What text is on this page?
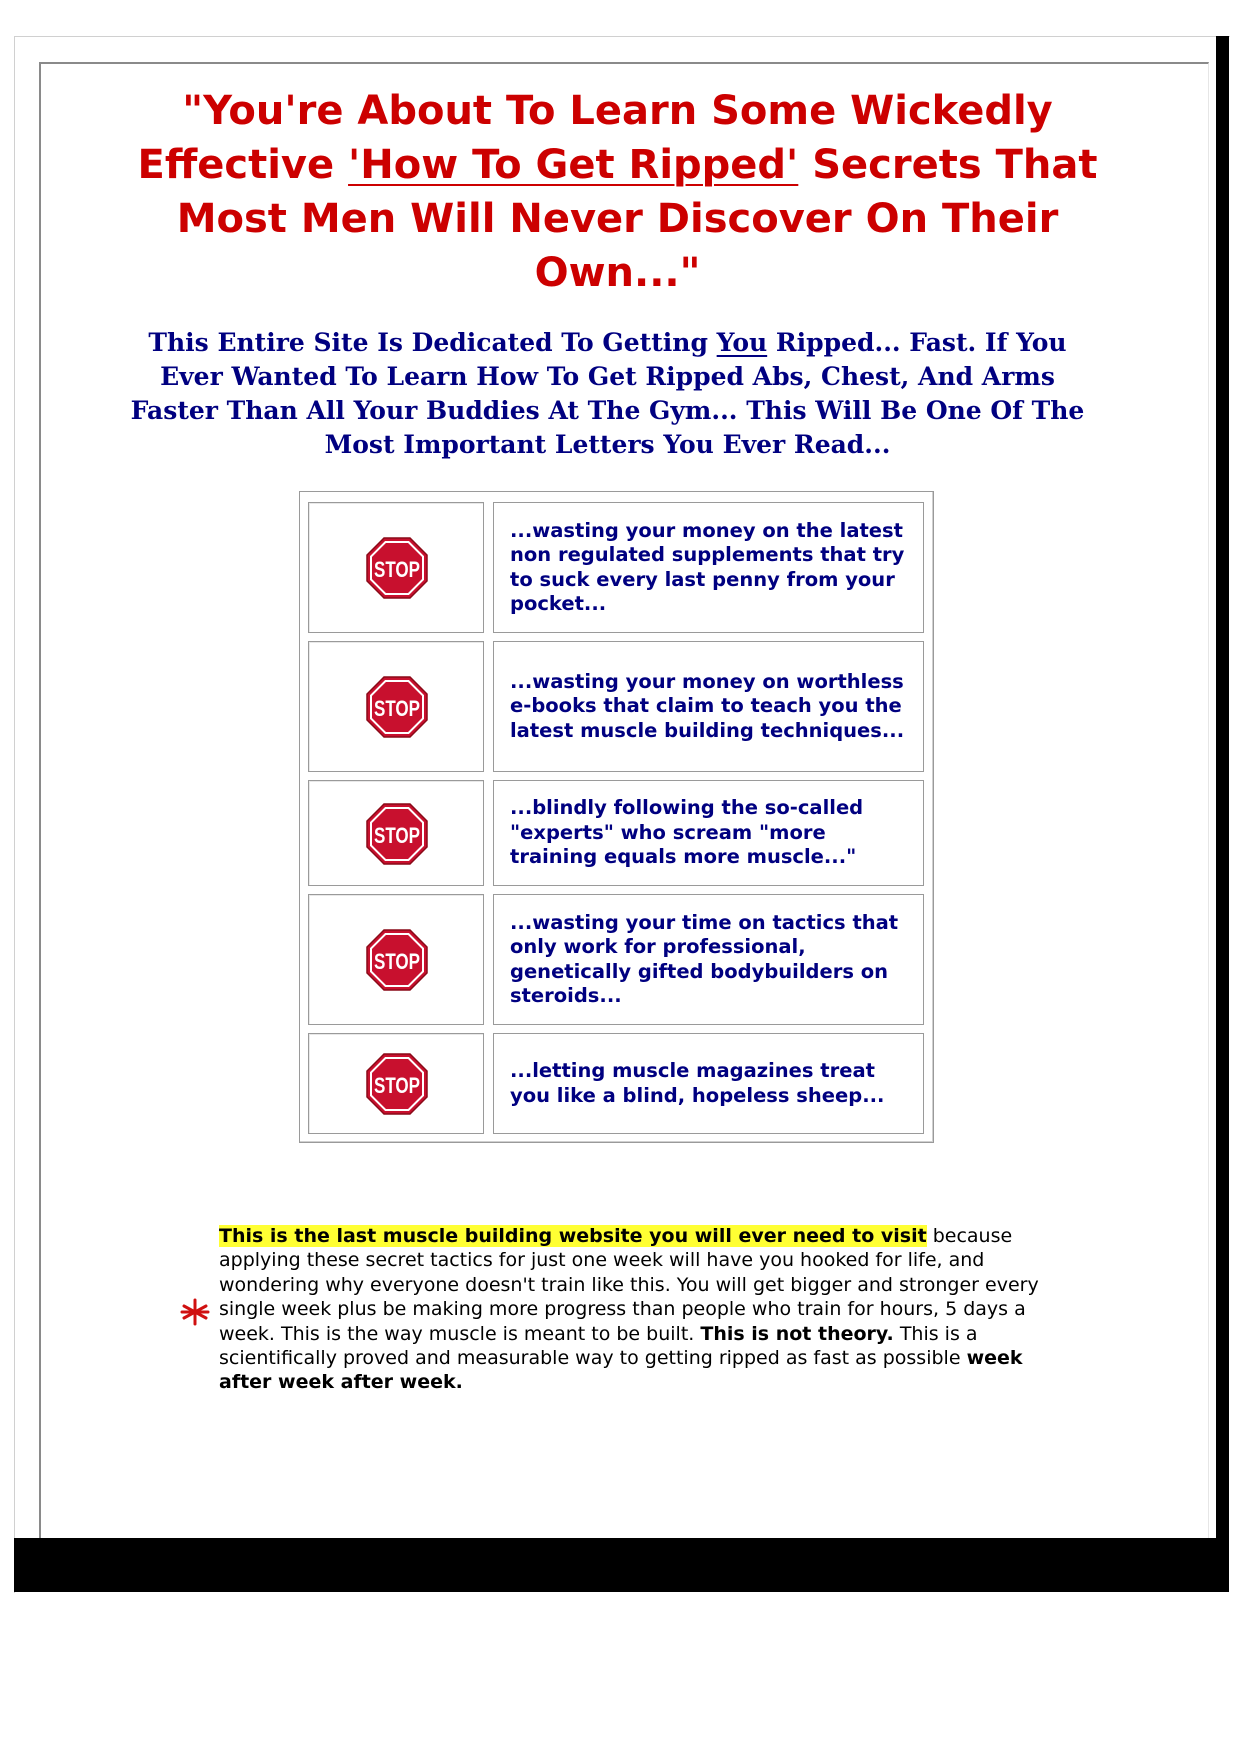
"You're About To Learn Some Wickedly Effective 'How To Get Ripped' Secrets That Most Men Will Never Discover On Their Own..."

This Entire Site Is Dedicated To Getting You Ripped... Fast. If You Ever Wanted To Learn How To Get Ripped Abs, Chest, And Arms Faster Than All Your Buddies At The Gym... This Will Be One Of The Most Important Letters You Ever Read...

STOP
...wasting your money on the latest non regulated supplements that try to suck every last penny from your pocket...
STOP
...wasting your money on worthless e-books that claim to teach you the latest muscle building techniques...
STOP
...blindly following the so-called "experts" who scream "more training equals more muscle..."
STOP
...wasting your time on tactics that only work for professional, genetically gifted bodybuilders on steroids...
STOP
...letting muscle magazines treat you like a blind, hopeless sheep...

This is the last muscle building website you will ever need to visit because applying these secret tactics for just one week will have you hooked for life, and wondering why everyone doesn't train like this. You will get bigger and stronger every single week plus be making more progress than people who train for hours, 5 days a week. This is the way muscle is meant to be built. This is not theory. This is a scientifically proved and measurable way to getting ripped as fast as possible week after week after week.
